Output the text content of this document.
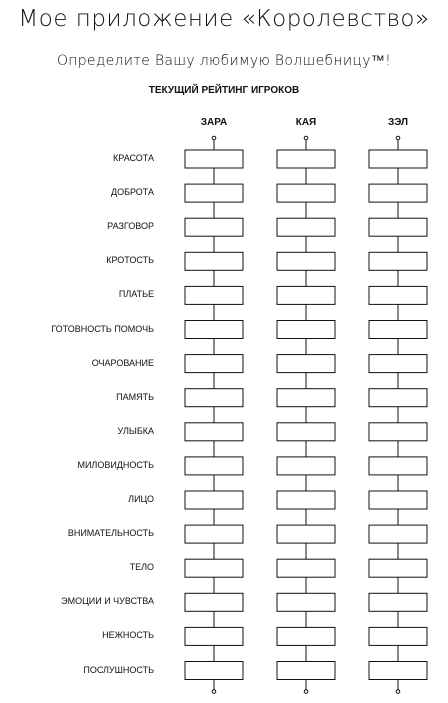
Мое приложение «Королевство»
Определите Вашу любимую Волшебницу™!
ТЕКУЩИЙ РЕЙТИНГ ИГРОКОВ
ЗАРА	КАЯ	ЗЭЛ
КРАСОТА
ДОБРОТА
РАЗГОВОР
КРОТОСТЬ
ПЛАТЬЕ
ГОТОВНОСТЬ ПОМОЧЬ
ОЧАРОВАНИЕ
ПАМЯТЬ
УЛЫБКА
МИЛОВИДНОСТЬ
ЛИЦО
ВНИМАТЕЛЬНОСТЬ
ТЕЛО
ЭМОЦИИ И ЧУВСТВА
НЕЖНОСТЬ
ПОСЛУШНОСТЬ
